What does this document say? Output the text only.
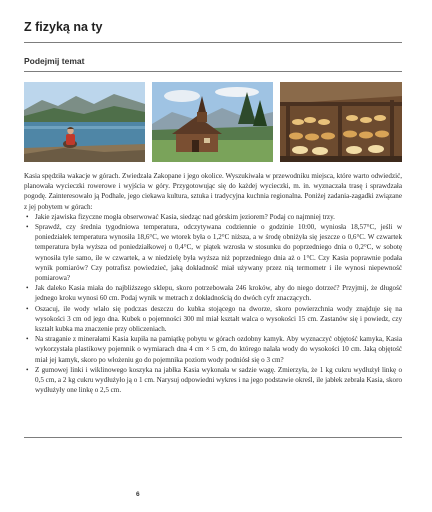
Z fizyką na ty
Podejmij temat

Kasia spędziła wakacje w górach. Zwiedzała Zakopane i jego okolice. Wyszukiwała w przewodniku miejsca, które warto odwiedzić, planowała wycieczki rowerowe i wyjścia w góry. Przygotowując się do każdej wycieczki, m. in. wyznaczała trasę i sprawdzała pogodę. Zainteresowało ją Podhale, jego ciekawa kultura, sztuka i tradycyjna kuchnia regionalna. Poniżej zadania-zagadki związane z jej pobytem w górach:

• Jakie zjawiska fizyczne mogła obserwować Kasia, siedząc nad górskim jeziorem? Podaj co najmniej trzy.
• Sprawdź, czy średnia tygodniowa temperatura, odczytywana codziennie o godzinie 10:00, wyniosła 18,57°C, jeśli w poniedziałek temperatura wynosiła 18,6°C, we wtorek była o 1,2°C niższa, a w środę obniżyła się jeszcze o 0,6°C. W czwartek temperatura była wyższa od poniedziałkowej o 0,4°C, w piątek wzrosła w stosunku do poprzedniego dnia o 0,2°C, w sobotę wynosiła tyle samo, ile w czwartek, a w niedzielę była wyższa niż poprzedniego dnia aż o 1°C. Czy Kasia poprawnie podała wynik pomiarów? Czy potrafisz powiedzieć, jaką dokładność miał używany przez nią termometr i ile wynosi niepewność pomiarowa?
• Jak daleko Kasia miała do najbliższego sklepu, skoro potrzebowała 246 kroków, aby do niego dotrzeć? Przyjmij, że długość jednego kroku wynosi 60 cm. Podaj wynik w metrach z dokładnością do dwóch cyfr znaczących.
• Oszacuj, ile wody wlało się podczas deszczu do kubka stojącego na dworze, skoro powierzchnia wody znajduje się na wysokości 3 cm od jego dna. Kubek o pojemności 300 ml miał kształt walca o wysokości 15 cm. Zastanów się i powiedz, czy kształt kubka ma znaczenie przy obliczeniach.
• Na straganie z minerałami Kasia kupiła na pamiątkę pobytu w górach ozdobny kamyk. Aby wyznaczyć objętość kamyka, Kasia wykorzystała plastikowy pojemnik o wymiarach dna 4 cm × 5 cm, do którego nalała wody do wysokości 10 cm. Jaką objętość miał jej kamyk, skoro po włożeniu go do pojemnika poziom wody podniósł się o 3 cm?
• Z gumowej linki i wiklinowego koszyka na jabłka Kasia wykonała w sadzie wagę. Zmierzyła, że 1 kg cukru wydłużył linkę o 0,5 cm, a 2 kg cukru wydłużyło ją o 1 cm. Narysuj odpowiedni wykres i na jego podstawie określ, ile jabłek zebrała Kasia, skoro wydłużyły one linkę o 2,5 cm.
6
